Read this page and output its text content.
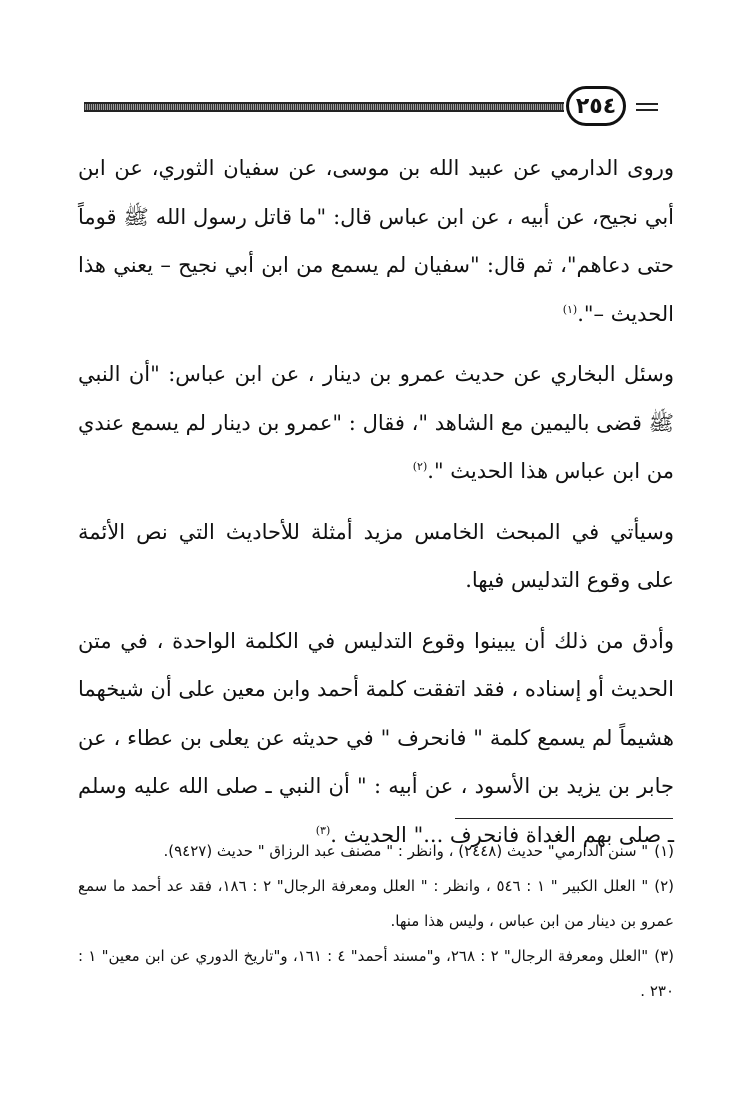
٢٥٤

وروى الدارمي عن عبيد الله بن موسى، عن سفيان الثوري، عن ابن أبي نجيح، عن أبيه ، عن ابن عباس قال: "ما قاتل رسول الله ﷺ قوماً حتى دعاهم"، ثم قال: "سفيان لم يسمع من ابن أبي نجيح – يعني هذا الحديث –".$^{(١)}$

وسئل البخاري عن حديث عمرو بن دينار ، عن ابن عباس: "أن النبي ﷺ قضى باليمين مع الشاهد "، فقال : "عمرو بن دينار لم يسمع عندي من ابن عباس هذا الحديث ".$^{(٢)}$

وسيأتي في المبحث الخامس مزيد أمثلة للأحاديث التي نص الأئمة على وقوع التدليس فيها.

وأدق من ذلك أن يبينوا وقوع التدليس في الكلمة الواحدة ، في متن الحديث أو إسناده ، فقد اتفقت كلمة أحمد وابن معين على أن شيخهما هشيماً لم يسمع كلمة " فانحرف " في حديثه عن يعلى بن عطاء ، عن جابر بن يزيد بن الأسود ، عن أبيه : " أن النبي ـ صلى الله عليه وسلم ـ صلى بهم الغداة فانحرف ..." الحديث .$^{(٣)}$

(١)" سنن الدارمي" حديث (٢٤٤٨) ، وانظر : " مصنف عبد الرزاق " حديث (٩٤٢٧).

(٢)" العلل الكبير " ١ : ٥٤٦ ، وانظر : " العلل ومعرفة الرجال" ٢ : ١٨٦، فقد عد أحمد ما سمع عمرو بن دينار من ابن عباس ، وليس هذا منها.

(٣)"العلل ومعرفة الرجال" ٢ : ٢٦٨، و"مسند أحمد" ٤ : ١٦١، و"تاريخ الدوري عن ابن معين" ١ : ٢٣٠ .
